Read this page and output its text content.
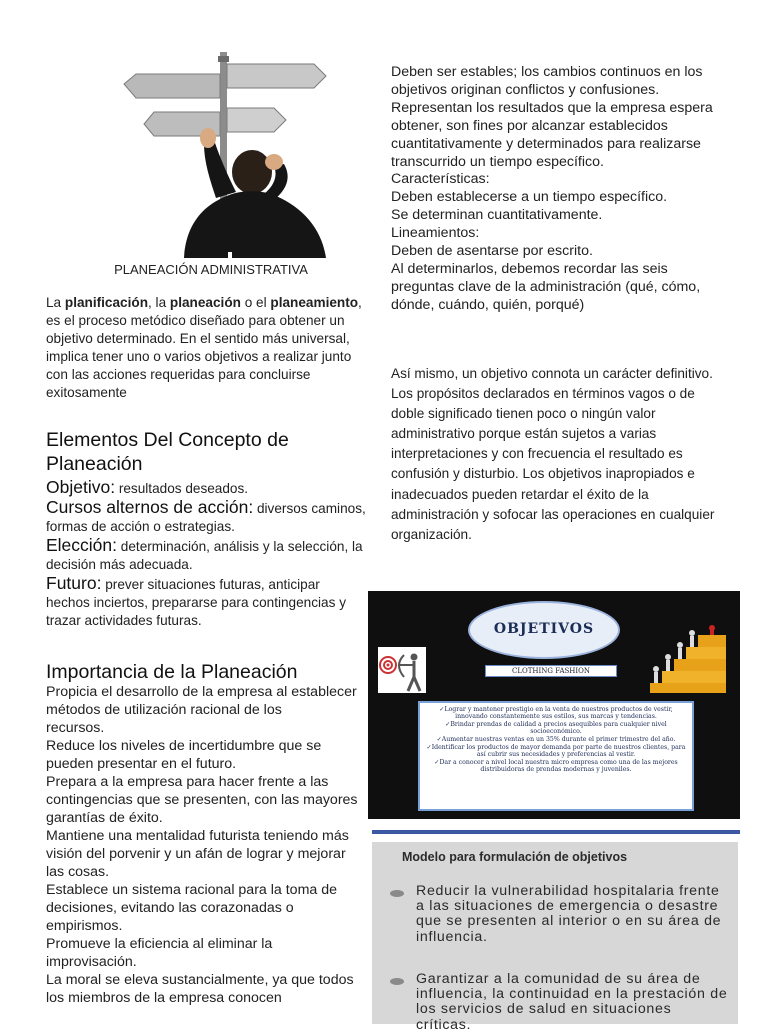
PLANEACIÓN ADMINISTRATIVA
La planificación, la planeación o el planeamiento, es el proceso metódico diseñado para obtener un objetivo determinado. En el sentido más universal, implica tener uno o varios objetivos a realizar junto con las acciones requeridas para concluirse exitosamente
Elementos Del Concepto de Planeación
Objetivo: resultados deseados.
Cursos alternos de acción: diversos caminos, formas de acción o estrategias.
Elección: determinación, análisis y la selección, la decisión más adecuada.
Futuro: prever situaciones futuras, anticipar hechos inciertos, prepararse para contingencias y trazar actividades futuras.
Importancia de la Planeación
Propicia el desarrollo de la empresa al establecer métodos de utilización racional de los
recursos.
Reduce los niveles de incertidumbre que se pueden presentar en el futuro.
Prepara a la empresa para hacer frente a las contingencias que se presenten, con las mayores garantías de éxito.
Mantiene una mentalidad futurista teniendo más visión del porvenir y un afán de lograr y mejorar las cosas.
Establece un sistema racional para la toma de decisiones, evitando las corazonadas o empirismos.
Promueve la eficiencia al eliminar la improvisación.
La moral se eleva sustancialmente, ya que todos los miembros de la empresa conocen
Deben ser estables; los cambios continuos en los objetivos originan conflictos y confusiones.
Representan los resultados que la empresa espera obtener, son fines por alcanzar establecidos cuantitativamente y determinados para realizarse transcurrido un tiempo específico.
Características:
Deben establecerse a un tiempo específico.
Se determinan cuantitativamente.
Lineamientos:
Deben de asentarse por escrito.
Al determinarlos, debemos recordar las seis preguntas clave de la administración (qué, cómo, dónde, cuándo, quién, porqué)
Así mismo, un objetivo connota un carácter definitivo. Los propósitos declarados en términos vagos o de doble significado tienen poco o ningún valor administrativo porque están sujetos a varias interpretaciones y con frecuencia el resultado es confusión y disturbio. Los objetivos inapropiados e inadecuados pueden retardar el éxito de la administración y sofocar las operaciones en cualquier organización.
OBJETIVOS
CLOTHING FASHION

✓Lograr y mantener prestigio en la venta de nuestros productos de vestir, innovando constantemente sus estilos, sus marcas y tendencias.

✓Brindar prendas de calidad a precios asequibles para cualquier nivel socioeconómico.

✓Aumentar nuestras ventas en un 35% durante el primer trimestre del año.

✓Identificar los productos de mayor demanda por parte de nuestros clientes, para así cubrir sus necesidades y preferencias al vestir.

✓Dar a conocer a nivel local nuestra micro empresa como una de las mejores distribuidoras de prendas modernas y juveniles.

Modelo para formulación de objetivos
Reducir la vulnerabilidad hospitalaria frente a las situaciones de emergencia o desastre que se presenten al interior o en su área de influencia.
Garantizar a la comunidad de su área de influencia, la continuidad en la prestación de los servicios de salud en situaciones críticas.
